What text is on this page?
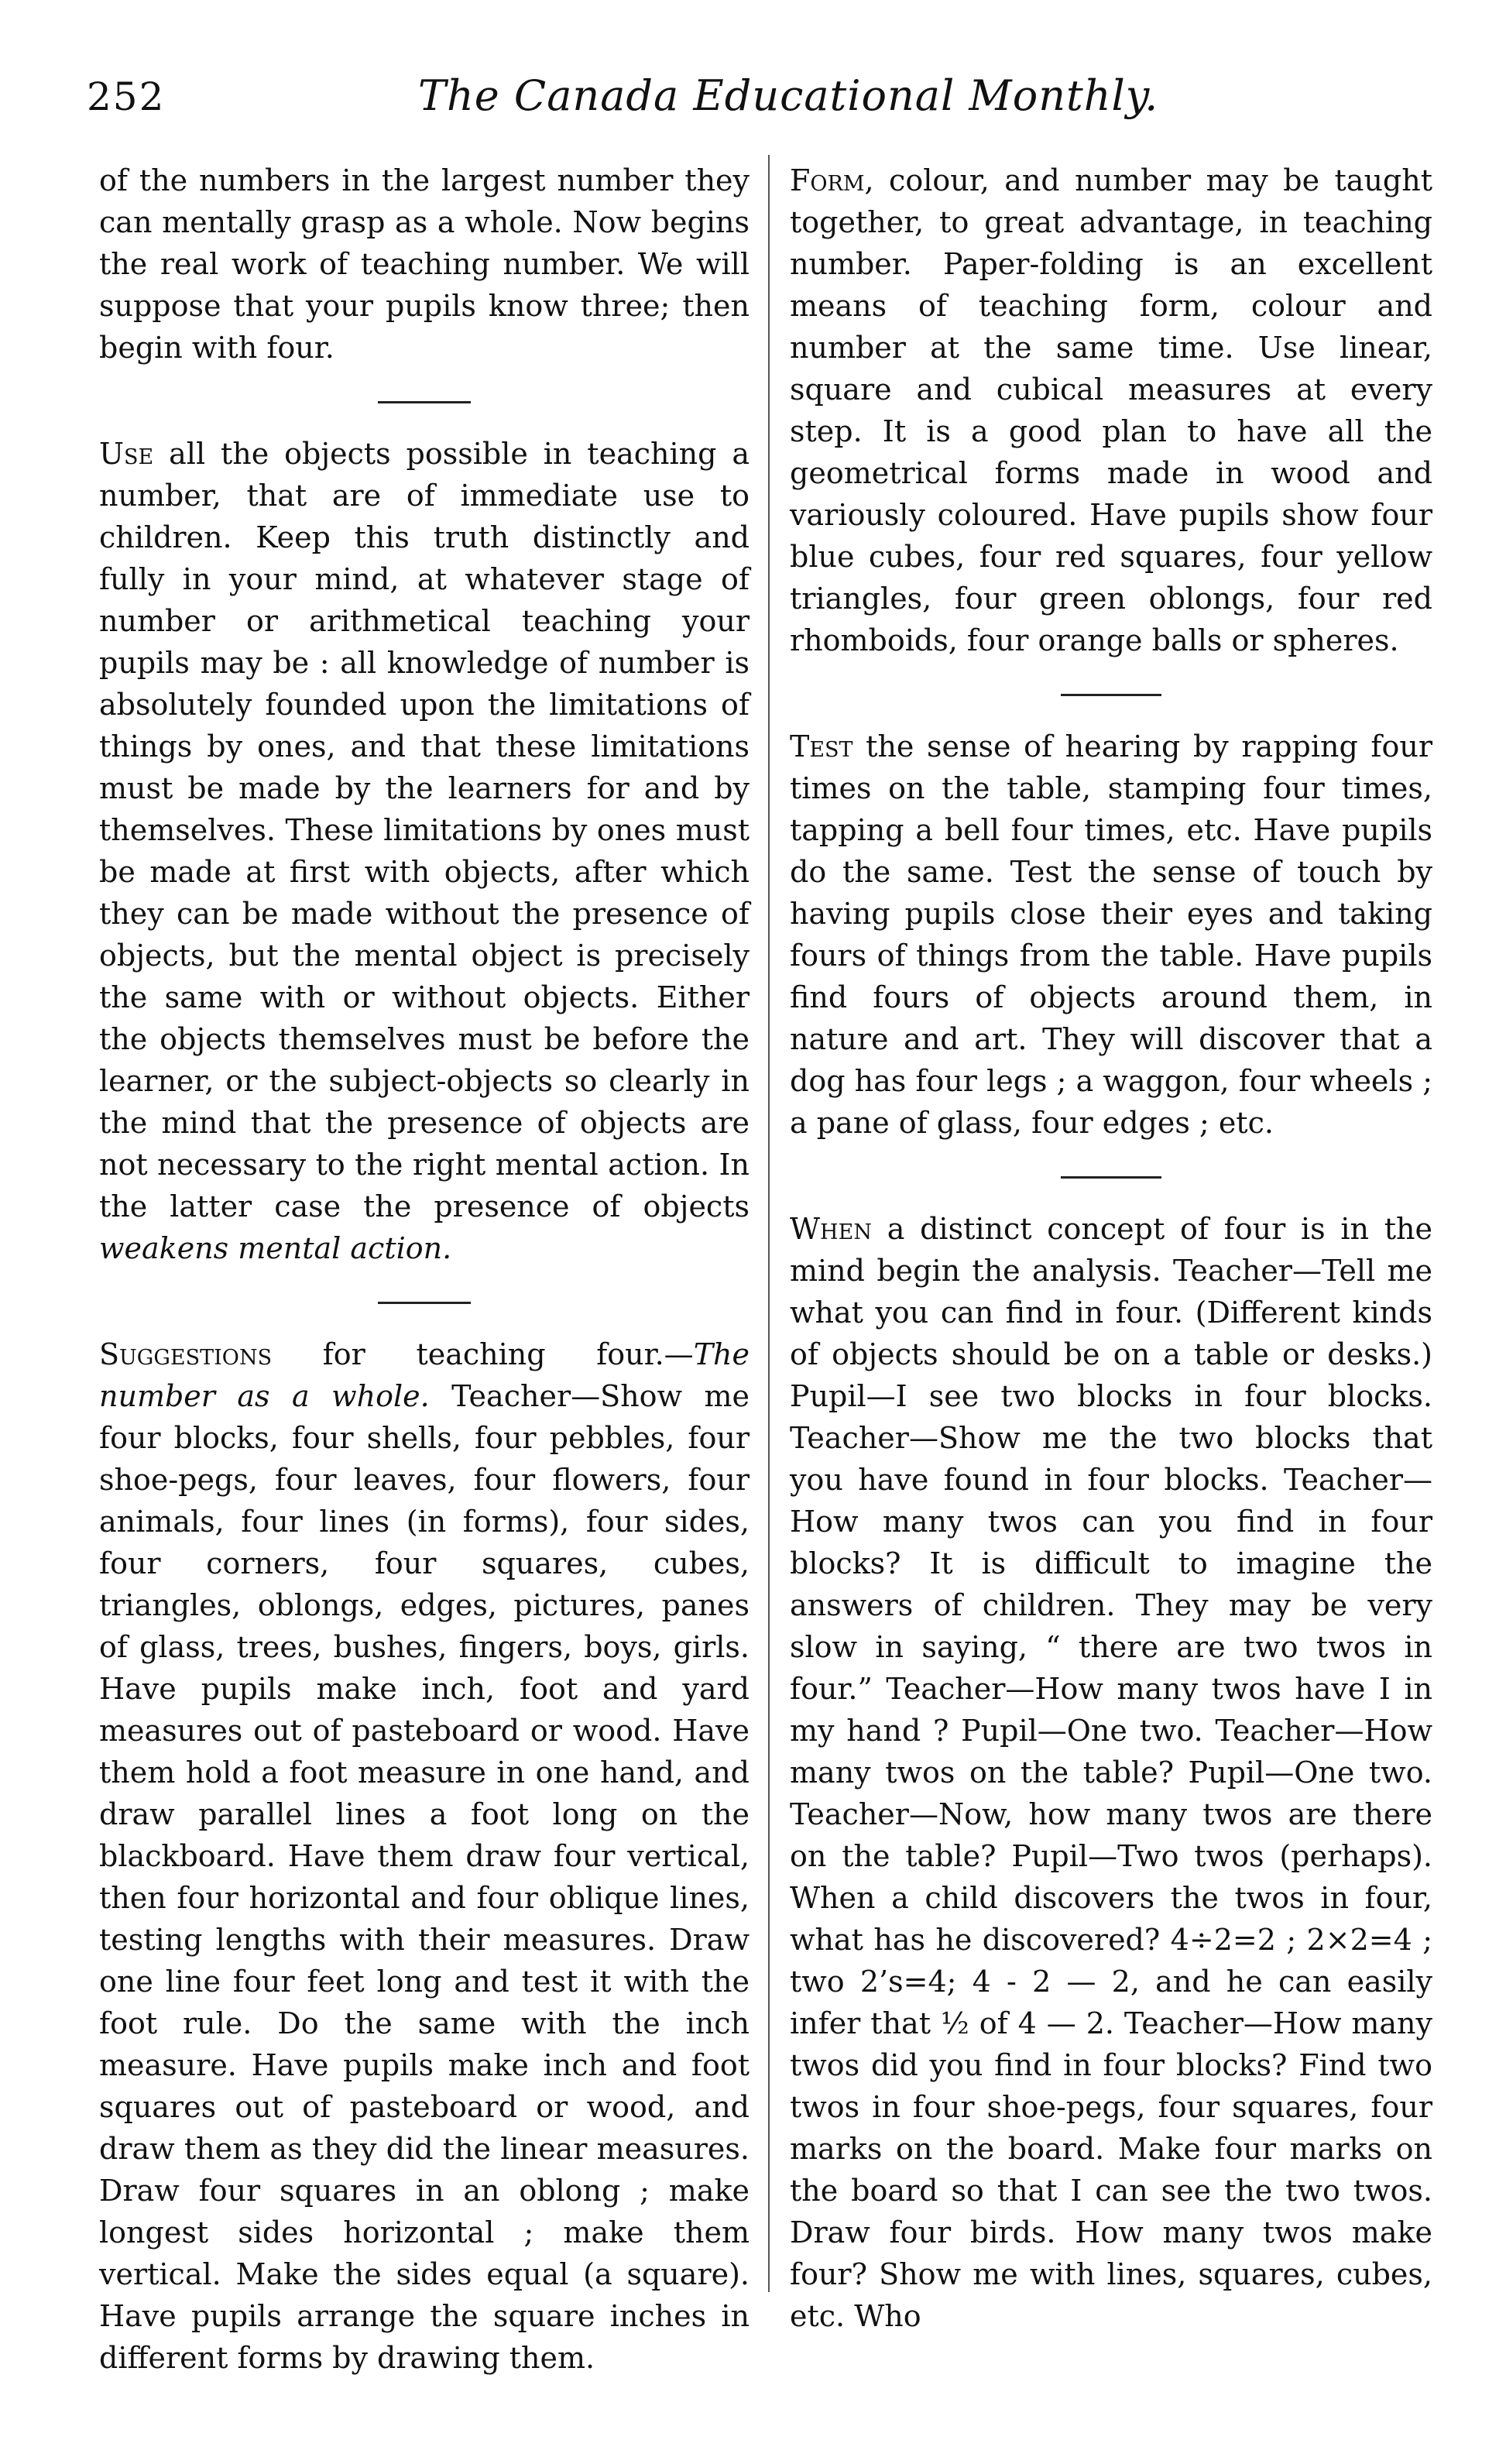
252	The Canada Educational Monthly.

of the numbers in the largest number they can mentally grasp as a whole. Now begins the real work of teaching number. We will suppose that your pupils know three; then begin with four.

Use all the objects possible in teaching a number, that are of immediate use to children. Keep this truth distinctly and fully in your mind, at whatever stage of number or arithmetical teaching your pupils may be : all knowledge of number is absolutely founded upon the limitations of things by ones, and that these limitations must be made by the learners for and by themselves. These limitations by ones must be made at first with objects, after which they can be made without the presence of objects, but the mental object is precisely the same with or without objects. Either the objects themselves must be before the learner, or the subject-objects so clearly in the mind that the presence of objects are not necessary to the right mental action. In the latter case the presence of objects weakens mental action.

Suggestions for teaching four.—The number as a whole. Teacher—Show me four blocks, four shells, four pebbles, four shoe-pegs, four leaves, four flowers, four animals, four lines (in forms), four sides, four corners, four squares, cubes, triangles, oblongs, edges, pictures, panes of glass, trees, bushes, fingers, boys, girls. Have pupils make inch, foot and yard measures out of pasteboard or wood. Have them hold a foot measure in one hand, and draw parallel lines a foot long on the blackboard. Have them draw four vertical, then four horizontal and four oblique lines, testing lengths with their measures. Draw one line four feet long and test it with the foot rule. Do the same with the inch measure. Have pupils make inch and foot squares out of pasteboard or wood, and draw them as they did the linear measures. Draw four squares in an oblong ; make longest sides horizontal ; make them vertical. Make the sides equal (a square). Have pupils arrange the square inches in different forms by drawing them.

Form, colour, and number may be taught together, to great advantage, in teaching number. Paper-folding is an excellent means of teaching form, colour and number at the same time. Use linear, square and cubical measures at every step. It is a good plan to have all the geometrical forms made in wood and variously coloured. Have pupils show four blue cubes, four red squares, four yellow triangles, four green oblongs, four red rhomboids, four orange balls or spheres.

Test the sense of hearing by rapping four times on the table, stamping four times, tapping a bell four times, etc. Have pupils do the same. Test the sense of touch by having pupils close their eyes and taking fours of things from the table. Have pupils find fours of objects around them, in nature and art. They will discover that a dog has four legs ; a waggon, four wheels ; a pane of glass, four edges ; etc.

When a distinct concept of four is in the mind begin the analysis. Teacher—Tell me what you can find in four. (Different kinds of objects should be on a table or desks.) Pupil—I see two blocks in four blocks. Teacher—Show me the two blocks that you have found in four blocks. Teacher—How many twos can you find in four blocks? It is difficult to imagine the answers of children. They may be very slow in saying, “ there are two twos in four.” Teacher—How many twos have I in my hand ? Pupil—One two. Teacher—How many twos on the table? Pupil—One two. Teacher—Now, how many twos are there on the table? Pupil—Two twos (perhaps). When a child discovers the twos in four, what has he discovered? 4÷2=2 ; 2×2=4 ; two 2’s=4; 4 - 2 — 2, and he can easily infer that ½ of 4 — 2. Teacher—How many twos did you find in four blocks? Find two twos in four shoe-pegs, four squares, four marks on the board. Make four marks on the board so that I can see the two twos. Draw four birds. How many twos make four? Show me with lines, squares, cubes, etc. Who
